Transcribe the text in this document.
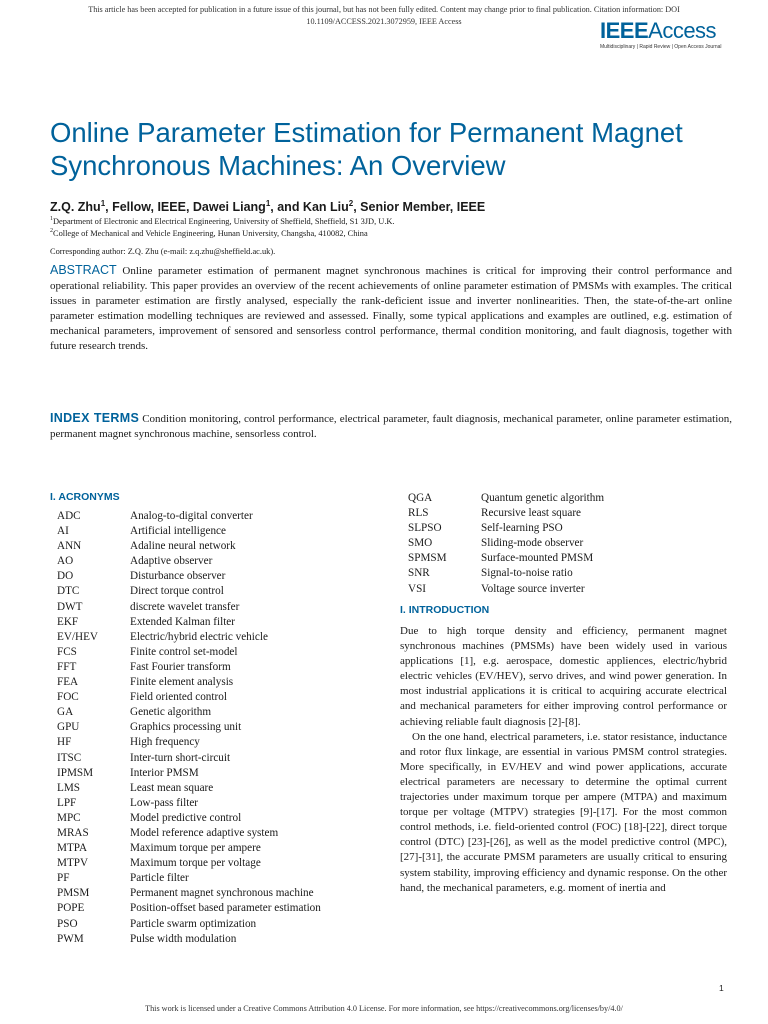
This article has been accepted for publication in a future issue of this journal, but has not been fully edited. Content may change prior to final publication. Citation information: DOI
10.1109/ACCESS.2021.3072959, IEEE Access	IEEEAccess
Multidisciplinary | Rapid Review | Open Access Journal
Online Parameter Estimation for Permanent Magnet Synchronous Machines: An Overview
Z.Q. Zhu$^1$, Fellow, IEEE, Dawei Liang$^1$, and Kan Liu$^2$, Senior Member, IEEE
$^1$Department of Electronic and Electrical Engineering, University of Sheffield, Sheffield, S1 3JD, U.K.
$^2$College of Mechanical and Vehicle Engineering, Hunan University, Changsha, 410082, China
Corresponding author: Z.Q. Zhu (e-mail: z.q.zhu@sheffield.ac.uk).
ABSTRACT Online parameter estimation of permanent magnet synchronous machines is critical for improving their control performance and operational reliability. This paper provides an overview of the recent achievements of online parameter estimation of PMSMs with examples. The critical issues in parameter estimation are firstly analysed, especially the rank-deficient issue and inverter nonlinearities. Then, the state-of-the-art online parameter estimation modelling techniques are reviewed and assessed. Finally, some typical applications and examples are outlined, e.g. estimation of mechanical parameters, improvement of sensored and sensorless control performance, thermal condition monitoring, and fault diagnosis, together with future research trends.
INDEX TERMS Condition monitoring, control performance, electrical parameter, fault diagnosis, mechanical parameter, online parameter estimation, permanent magnet synchronous machine, sensorless control.
I. ACRONYMS
ADC	Analog-to-digital converter
AI	Artificial intelligence
ANN	Adaline neural network
AO	Adaptive observer
DO	Disturbance observer
DTC	Direct torque control
DWT	discrete wavelet transfer
EKF	Extended Kalman filter
EV/HEV	Electric/hybrid electric vehicle
FCS	Finite control set-model
FFT	Fast Fourier transform
FEA	Finite element analysis
FOC	Field oriented control
GA	Genetic algorithm
GPU	Graphics processing unit
HF	High frequency
ITSC	Inter-turn short-circuit
IPMSM	Interior PMSM
LMS	Least mean square
LPF	Low-pass filter
MPC	Model predictive control
MRAS	Model reference adaptive system
MTPA	Maximum torque per ampere
MTPV	Maximum torque per voltage
PF	Particle filter
PMSM	Permanent magnet synchronous machine
POPE	Position-offset based parameter estimation
PSO	Particle swarm optimization
PWM	Pulse width modulation
QGA	Quantum genetic algorithm
RLS	Recursive least square
SLPSO	Self-learning PSO
SMO	Sliding-mode observer
SPMSM	Surface-mounted PMSM
SNR	Signal-to-noise ratio
VSI	Voltage source inverter
I. INTRODUCTION

Due to high torque density and efficiency, permanent magnet synchronous machines (PMSMs) have been widely used in various applications [1], e.g. aerospace, domestic appliences, electric/hybrid electric vehicles (EV/HEV), servo drives, and wind power generation. In most industrial applications it is critical to acquiring accurate electrical and mechanical parameters for either improving control performance or achieving reliable fault diagnosis [2]-[8].

On the one hand, electrical parameters, i.e. stator resistance, inductance and rotor flux linkage, are essential in various PMSM control strategies. More specifically, in EV/HEV and wind power applications, accurate electrical parameters are necessary to determine the optimal current trajectories under maximum torque per ampere (MTPA) and maximum torque per voltage (MTPV) strategies [9]-[17]. For the most common control methods, i.e. field-oriented control (FOC) [18]-[22], direct torque control (DTC) [23]-[26], as well as the model predictive control (MPC), [27]-[31], the accurate PMSM parameters are usually critical to ensuring system stability, improving efficiency and dynamic response. On the other hand, the mechanical parameters, e.g. moment of inertia and

1
This work is licensed under a Creative Commons Attribution 4.0 License. For more information, see https://creativecommons.org/licenses/by/4.0/
